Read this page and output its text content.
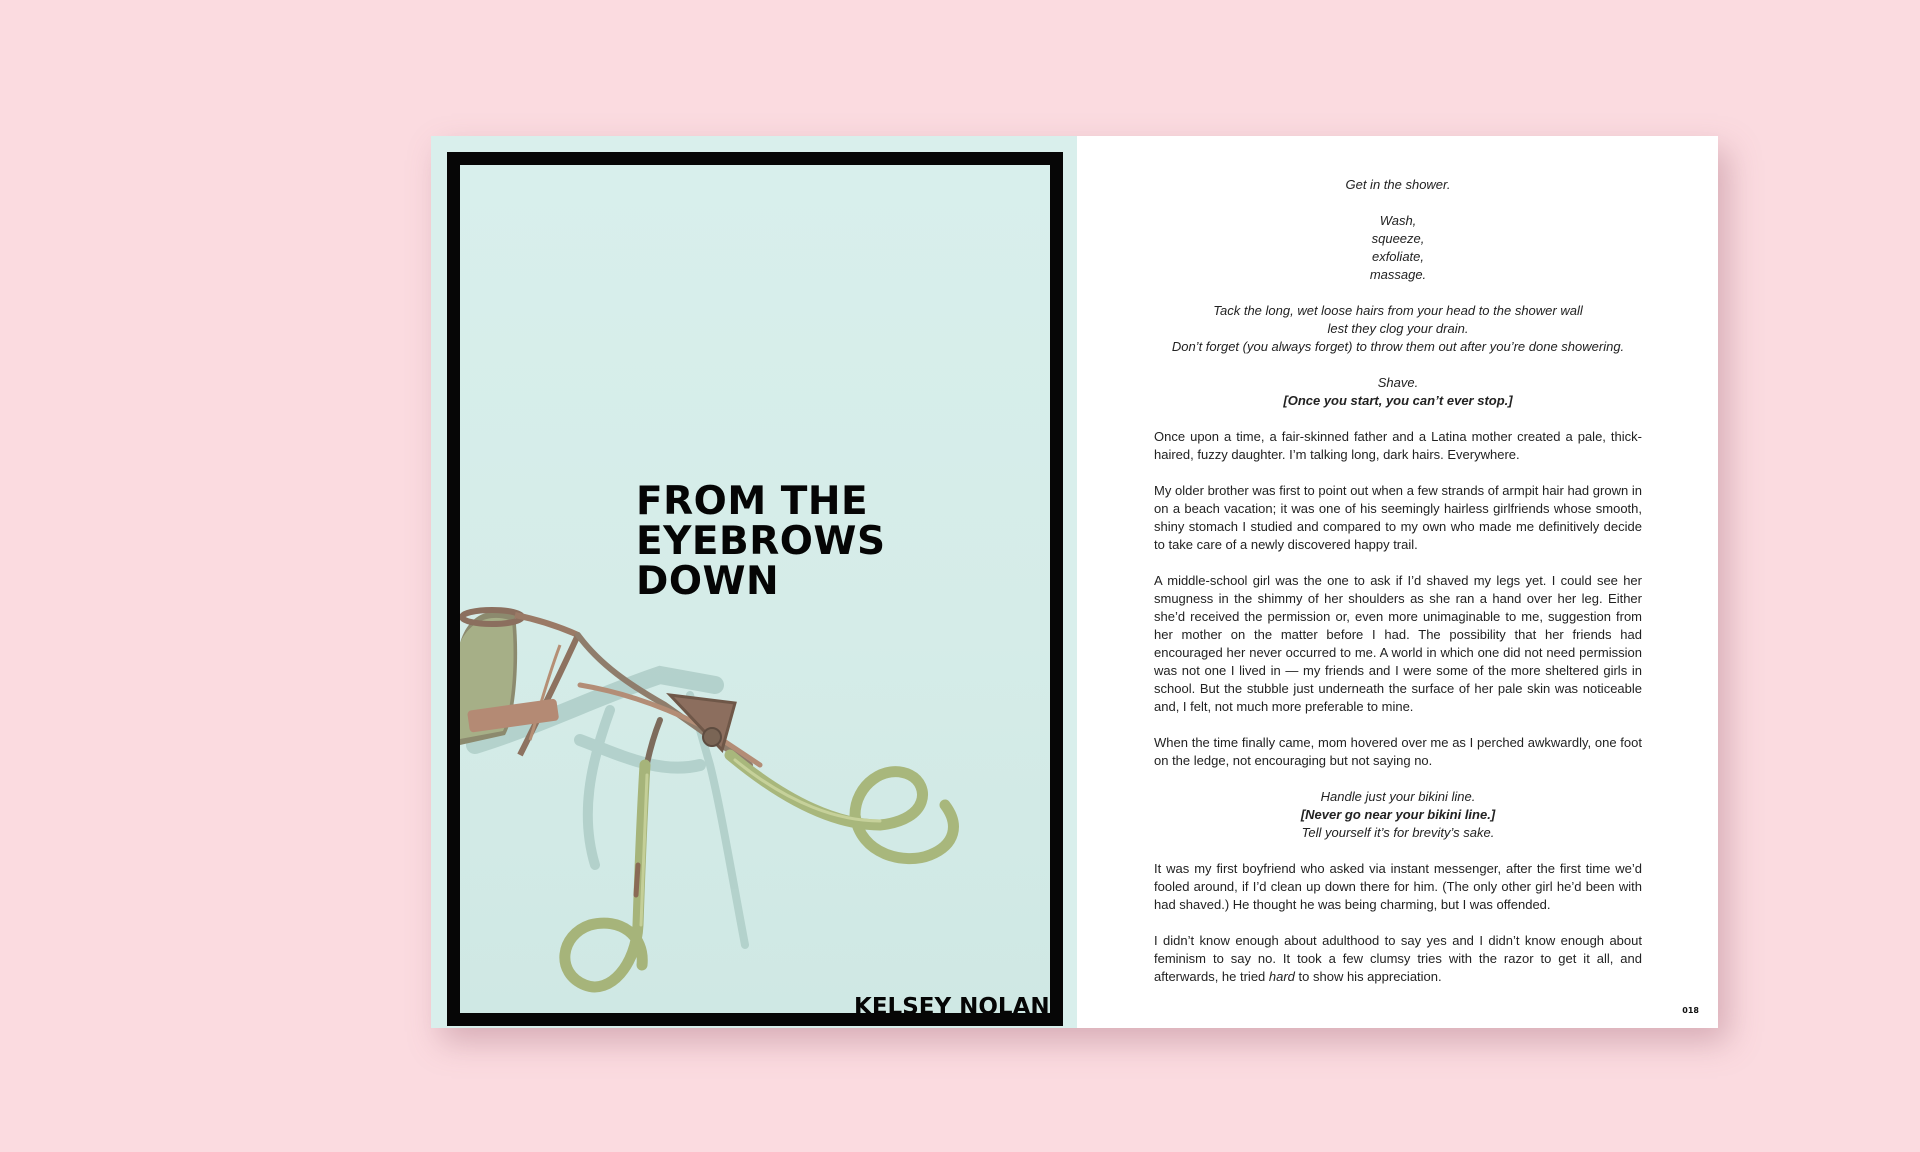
FROM THE
EYEBROWS
DOWN
KELSEY NOLAN

Get in the shower.

Wash,
squeeze,
exfoliate,
massage.

Tack the long, wet loose hairs from your head to the shower wall
lest they clog your drain.
Don’t forget (you always forget) to throw them out after you’re done showering.

Shave.
[Once you start, you can’t ever stop.]

Once upon a time, a fair-skinned father and a Latina mother created a pale, thick-haired, fuzzy daughter. I’m talking long, dark hairs. Everywhere.

My older brother was first to point out when a few strands of armpit hair had grown in on a beach vacation; it was one of his seemingly hairless girlfriends whose smooth, shiny stomach I studied and compared to my own who made me definitively decide to take care of a newly discovered happy trail.

A middle-school girl was the one to ask if I’d shaved my legs yet. I could see her smugness in the shimmy of her shoulders as she ran a hand over her leg. Either she’d received the permission or, even more unimaginable to me, suggestion from her mother on the matter before I had. The possibility that her friends had encouraged her never occurred to me. A world in which one did not need permission was not one I lived in — my friends and I were some of the more sheltered girls in school. But the stubble just underneath the surface of her pale skin was noticeable and, I felt, not much more preferable to mine.

When the time finally came, mom hovered over me as I perched awkwardly, one foot on the ledge, not encouraging but not saying no.

Handle just your bikini line.
[Never go near your bikini line.]
Tell yourself it’s for brevity’s sake.

It was my first boyfriend who asked via instant messenger, after the first time we’d fooled around, if I’d clean up down there for him. (The only other girl he’d been with had shaved.) He thought he was being charming, but I was offended.

I didn’t know enough about adulthood to say yes and I didn’t know enough about feminism to say no. It took a few clumsy tries with the razor to get it all, and afterwards, he tried hard to show his appreciation.

018
